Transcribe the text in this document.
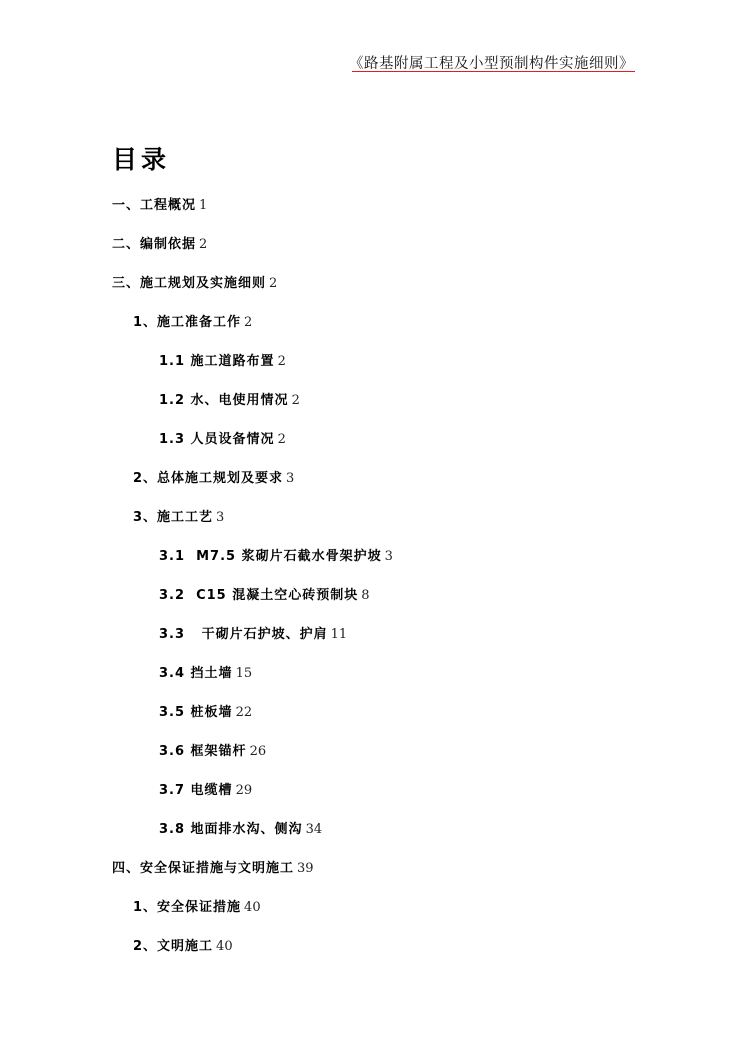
《路基附属工程及小型预制构件实施细则》
目录
一、工程概况 1
二、编制依据 2
三、施工规划及实施细则 2
1、施工准备工作 2
1.1 施工道路布置 2
1.2 水、电使用情况 2
1.3 人员设备情况 2
2、总体施工规划及要求 3
3、施工工艺 3
3.1  M7.5 浆砌片石截水骨架护坡 3
3.2  C15 混凝土空心砖预制块 8
3.3   干砌片石护坡、护肩 11
3.4 挡土墙 15
3.5 桩板墙 22
3.6 框架锚杆 26
3.7 电缆槽 29
3.8 地面排水沟、侧沟 34
四、安全保证措施与文明施工 39
1、安全保证措施 40
2、文明施工 40
